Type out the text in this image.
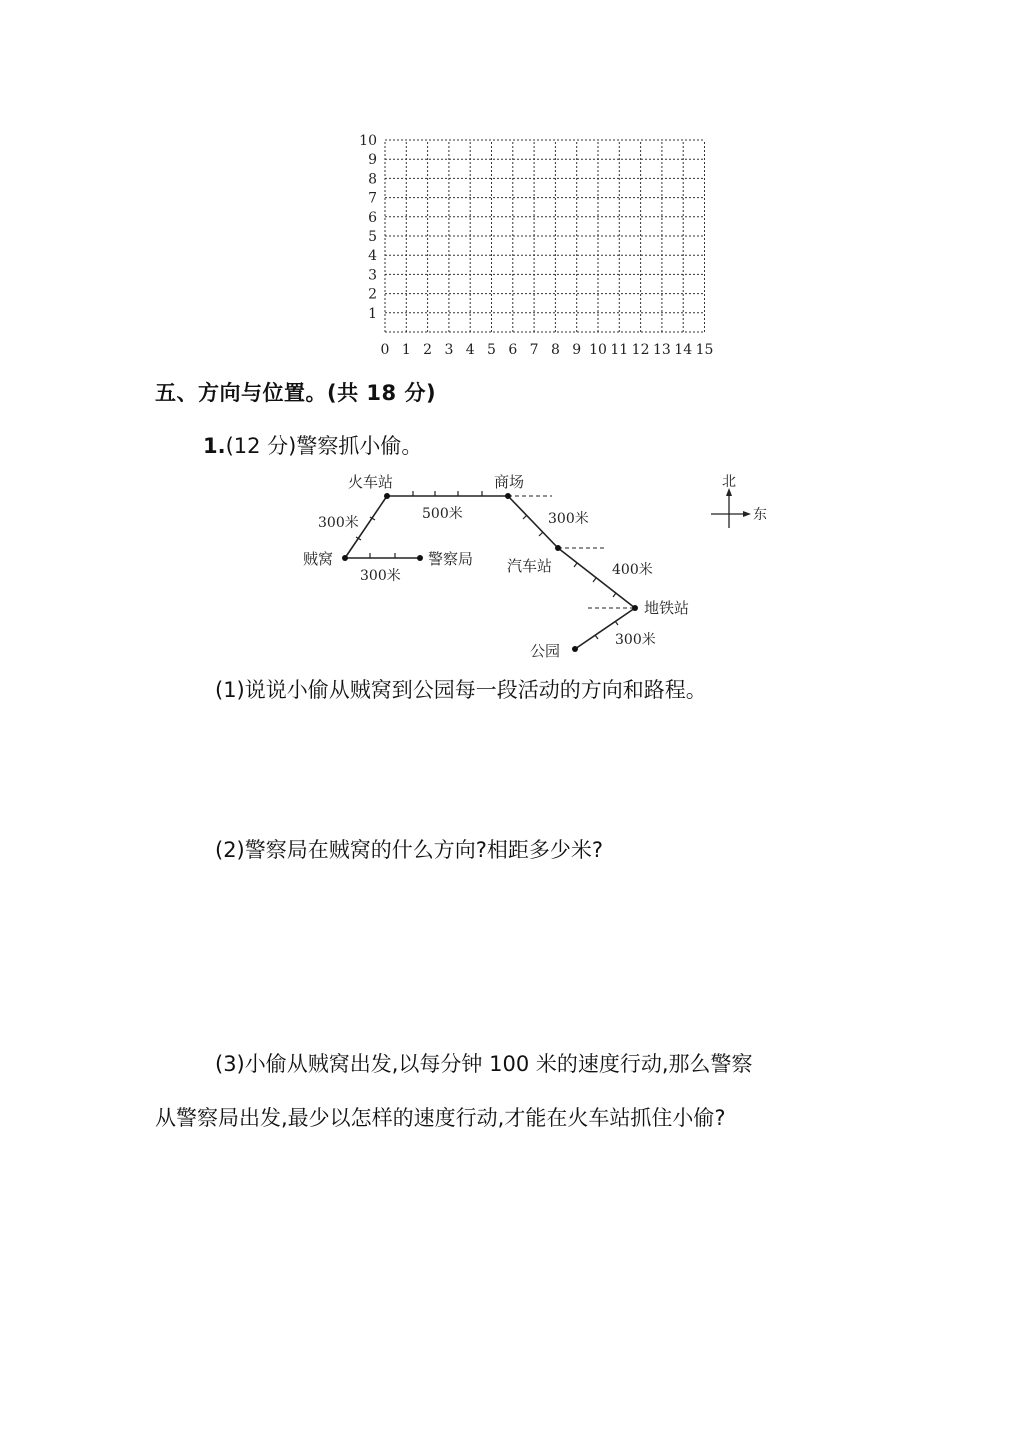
10
9
8
7
6
5
4
3
2
1
0 1 2 3 4 5 6 7 8 9 10 11 12 13 14 15
五、方向与位置。(共 18 分)
1.(12 分)警察抓小偷。
火车站	商场
贼窝	警察局 汽车站
地铁站
公园
300米
500米
300米
300米
400米
300米
北
东
(1)说说小偷从贼窝到公园每一段活动的方向和路程。
(2)警察局在贼窝的什么方向?相距多少米?
(3)小偷从贼窝出发,以每分钟 100 米的速度行动,那么警察
从警察局出发,最少以怎样的速度行动,才能在火车站抓住小偷?
